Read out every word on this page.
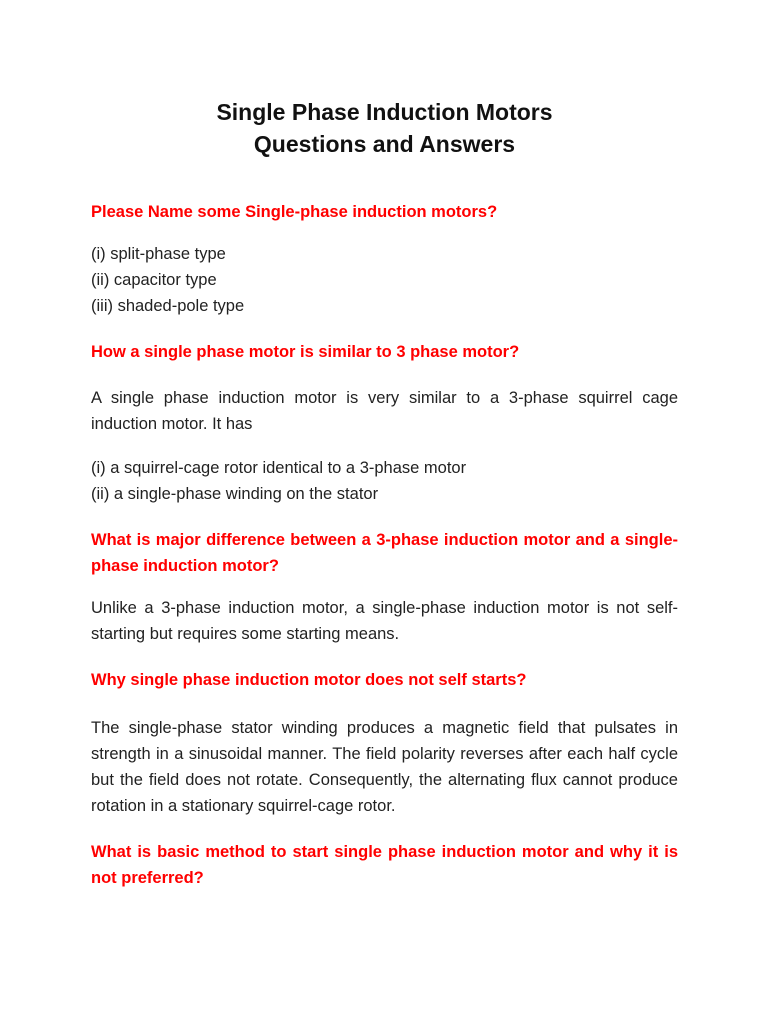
Single Phase Induction Motors
Questions and Answers

Please Name some Single-phase induction motors?

(i) split-phase type
(ii) capacitor type
(iii) shaded-pole type

How a single phase motor is similar to 3 phase motor?

A single phase induction motor is very similar to a 3-phase squirrel cage induction motor. It has

(i) a squirrel-cage rotor identical to a 3-phase motor
(ii) a single-phase winding on the stator

What is major difference between a 3-phase induction motor and a single-phase induction motor?

Unlike a 3-phase induction motor, a single-phase induction motor is not self- starting but requires some starting means.

Why single phase induction motor does not self starts?

The single-phase stator winding produces a magnetic field that pulsates in strength in a sinusoidal manner. The field polarity reverses after each half cycle but the field does not rotate. Consequently, the alternating flux cannot produce rotation in a stationary squirrel-cage rotor.

What is basic method to start single phase induction motor and why it is not preferred?
